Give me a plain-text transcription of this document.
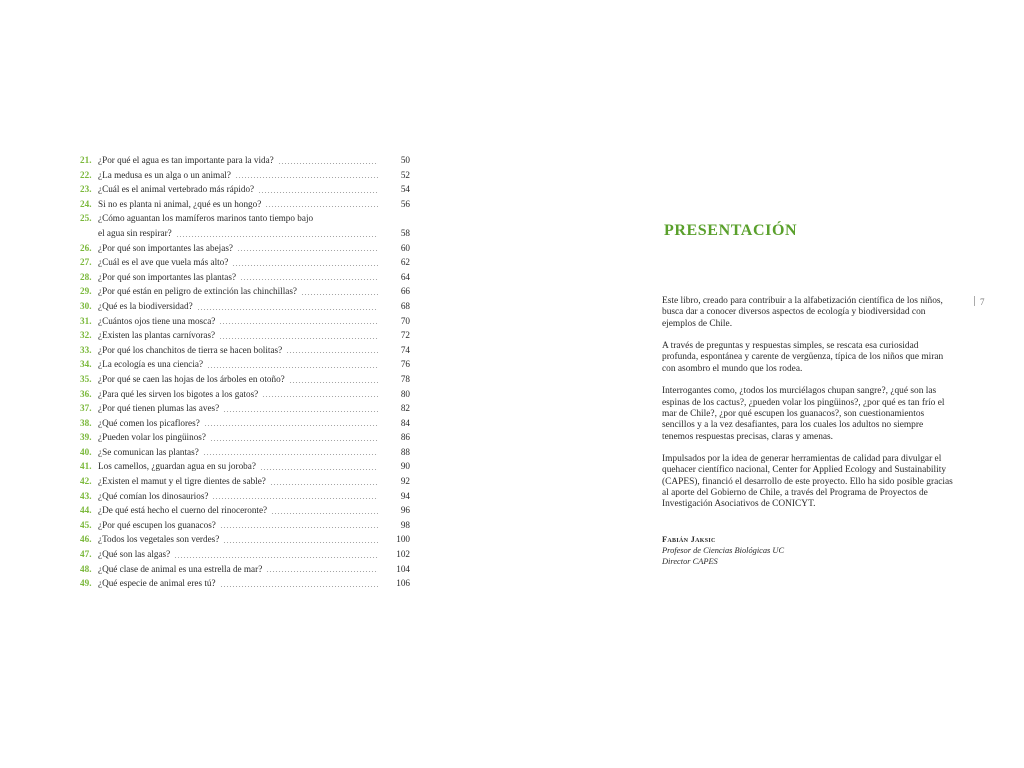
21. ¿Por qué el agua es tan importante para la vida?	50
22. ¿La medusa es un alga o un animal?	52
23. ¿Cuál es el animal vertebrado más rápido?	54
24. Si no es planta ni animal, ¿qué es un hongo?	56
25. ¿Cómo aguantan los mamíferos marinos tanto tiempo bajo
el agua sin respirar?	58
26. ¿Por qué son importantes las abejas?	60
27. ¿Cuál es el ave que vuela más alto?	62
28. ¿Por qué son importantes las plantas?	64
29. ¿Por qué están en peligro de extinción las chinchillas?	66
30. ¿Qué es la biodiversidad?	68
31. ¿Cuántos ojos tiene una mosca?	70
32. ¿Existen las plantas carnívoras?	72
33. ¿Por qué los chanchitos de tierra se hacen bolitas?	74
34. ¿La ecología es una ciencia?	76
35. ¿Por qué se caen las hojas de los árboles en otoño?	78
36. ¿Para qué les sirven los bigotes a los gatos?	80
37. ¿Por qué tienen plumas las aves?	82
38. ¿Qué comen los picaflores?	84
39. ¿Pueden volar los pingüinos?	86
40. ¿Se comunican las plantas?	88
41. Los camellos, ¿guardan agua en su joroba?	90
42. ¿Existen el mamut y el tigre dientes de sable?	92
43. ¿Qué comían los dinosaurios?	94
44. ¿De qué está hecho el cuerno del rinoceronte?	96
45. ¿Por qué escupen los guanacos?	98
46. ¿Todos los vegetales son verdes?	100
47. ¿Qué son las algas?	102
48. ¿Qué clase de animal es una estrella de mar?	104
49. ¿Qué especie de animal eres tú?	106
PRESENTACIÓN
7

Este libro, creado para contribuir a la alfabetización científica de los niños, busca dar a conocer diversos aspectos de ecología y biodiversidad con ejemplos de Chile.

A través de preguntas y respuestas simples, se rescata esa curiosidad profunda, espontánea y carente de vergüenza, típica de los niños que miran con asombro el mundo que los rodea.

Interrogantes como, ¿todos los murciélagos chupan sangre?, ¿qué son las espinas de los cactus?, ¿pueden volar los pingüinos?, ¿por qué es tan frío el mar de Chile?, ¿por qué escupen los guanacos?, son cuestionamientos sencillos y a la vez desafiantes, para los cuales los adultos no siempre tenemos respuestas precisas, claras y amenas.

Impulsados por la idea de generar herramientas de calidad para divulgar el quehacer científico nacional, Center for Applied Ecology and Sustainability (CAPES), financió el desarrollo de este proyecto. Ello ha sido posible gracias al aporte del Gobierno de Chile, a través del Programa de Proyectos de Investigación Asociativos de CONICYT.

Fabián Jaksic
Profesor de Ciencias Biológicas UC
Director CAPES
